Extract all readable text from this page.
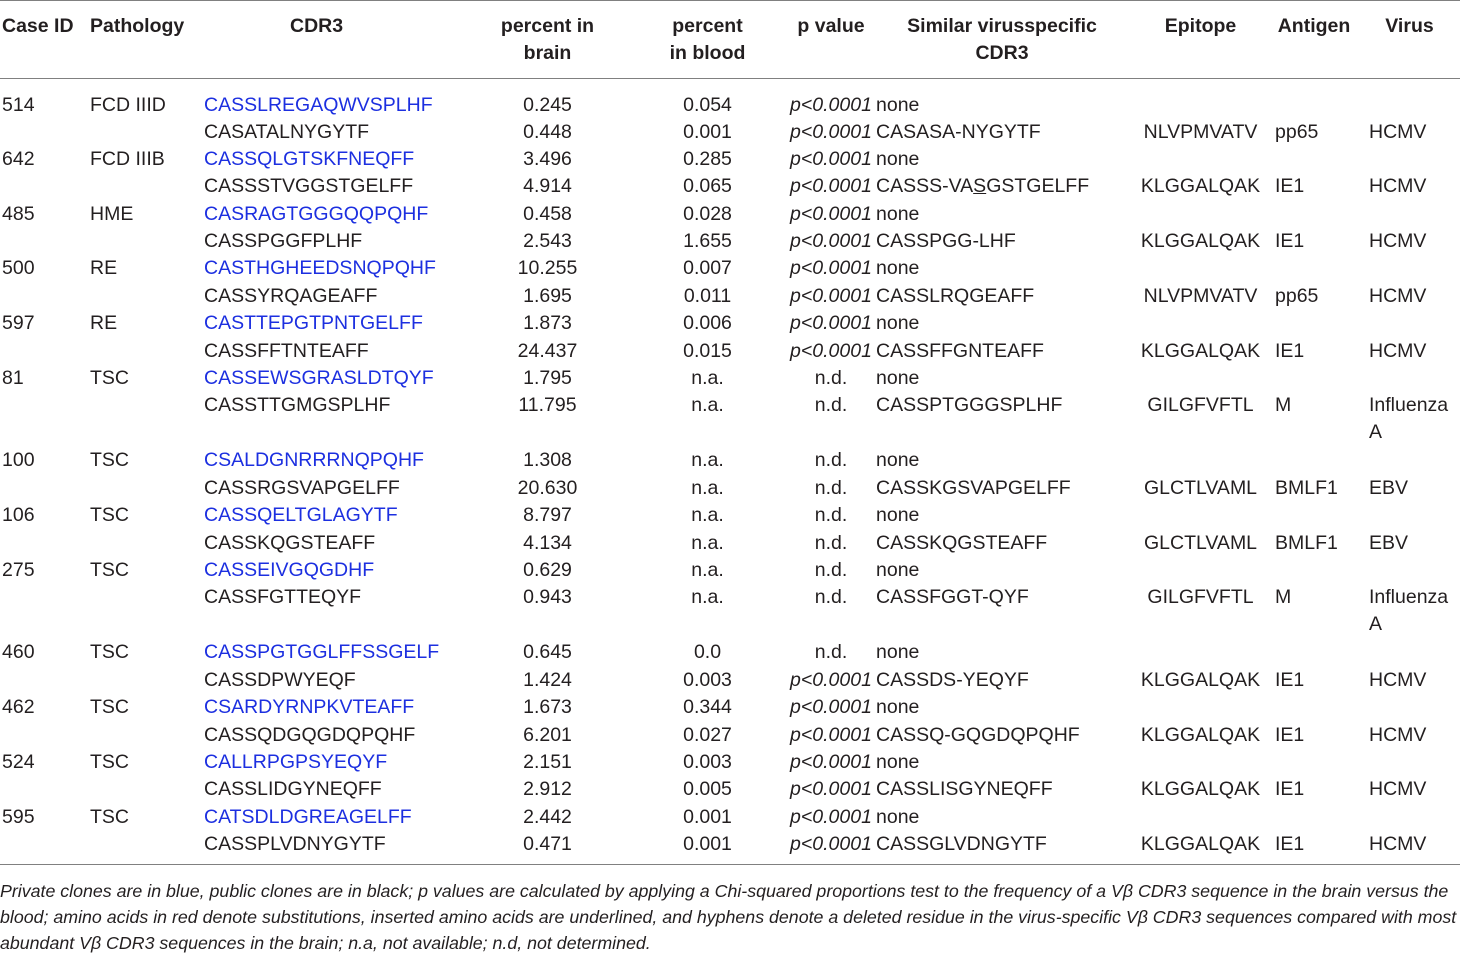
Case ID	Pathology	CDR3	percent in brain	percent in blood	p value	Similar virusspecific CDR3	Epitope	Antigen	Virus
514	FCD IIID	CASSLREGAQWVSPLHF	0.245	0.054	p<0.0001	none			
		CASATALNYGYTF	0.448	0.001	p<0.0001	CASASA-NYGYTF	NLVPMVATV	pp65	HCMV
642	FCD IIIB	CASSQLGTSKFNEQFF	3.496	0.285	p<0.0001	none			
		CASSSTVGGSTGELFF	4.914	0.065	p<0.0001	CASSS-VASGSTGELFF	KLGGALQAK	IE1	HCMV
485	HME	CASRAGTGGGQQPQHF	0.458	0.028	p<0.0001	none			
		CASSPGGFPLHF	2.543	1.655	p<0.0001	CASSPGG-LHF	KLGGALQAK	IE1	HCMV
500	RE	CASTHGHEEDSNQPQHF	10.255	0.007	p<0.0001	none			
		CASSYRQAGEAFF	1.695	0.011	p<0.0001	CASSLRQGEAFF	NLVPMVATV	pp65	HCMV
597	RE	CASTTEPGTPNTGELFF	1.873	0.006	p<0.0001	none			
		CASSFFTNTEAFF	24.437	0.015	p<0.0001	CASSFFGNTEAFF	KLGGALQAK	IE1	HCMV
81	TSC	CASSEWSGRASLDTQYF	1.795	n.a.	n.d.	none			
		CASSTTGMGSPLHF	11.795	n.a.	n.d.	CASSPTGGGSPLHF	GILGFVFTL	M	Influenza A
100	TSC	CSALDGNRRRNQPQHF	1.308	n.a.	n.d.	none			
		CASSRGSVAPGELFF	20.630	n.a.	n.d.	CASSKGSVAPGELFF	GLCTLVAML	BMLF1	EBV
106	TSC	CASSQELTGLAGYTF	8.797	n.a.	n.d.	none			
		CASSKQGSTEAFF	4.134	n.a.	n.d.	CASSKQGSTEAFF	GLCTLVAML	BMLF1	EBV
275	TSC	CASSEIVGQGDHF	0.629	n.a.	n.d.	none			
		CASSFGTTEQYF	0.943	n.a.	n.d.	CASSFGGT-QYF	GILGFVFTL	M	Influenza A
460	TSC	CASSPGTGGLFFSSGELF	0.645	0.0	n.d.	none			
		CASSDPWYEQF	1.424	0.003	p<0.0001	CASSDS-YEQYF	KLGGALQAK	IE1	HCMV
462	TSC	CSARDYRNPKVTEAFF	1.673	0.344	p<0.0001	none			
		CASSQDGQGDQPQHF	6.201	0.027	p<0.0001	CASSQ-GQGDQPQHF	KLGGALQAK	IE1	HCMV
524	TSC	CALLRPGPSYEQYF	2.151	0.003	p<0.0001	none			
		CASSLIDGYNEQFF	2.912	0.005	p<0.0001	CASSLISGYNEQFF	KLGGALQAK	IE1	HCMV
595	TSC	CATSDLDGREAGELFF	2.442	0.001	p<0.0001	none			
		CASSPLVDNYGYTF	0.471	0.001	p<0.0001	CASSGLVDNGYTF	KLGGALQAK	IE1	HCMV
Private clones are in blue, public clones are in black; p values are calculated by applying a Chi-squared proportions test to the frequency of a Vβ CDR3 sequence in the brain versus the blood; amino acids in red denote substitutions, inserted amino acids are underlined, and hyphens denote a deleted residue in the virus-specific Vβ CDR3 sequences compared with most abundant Vβ CDR3 sequences in the brain; n.a, not available; n.d, not determined.
